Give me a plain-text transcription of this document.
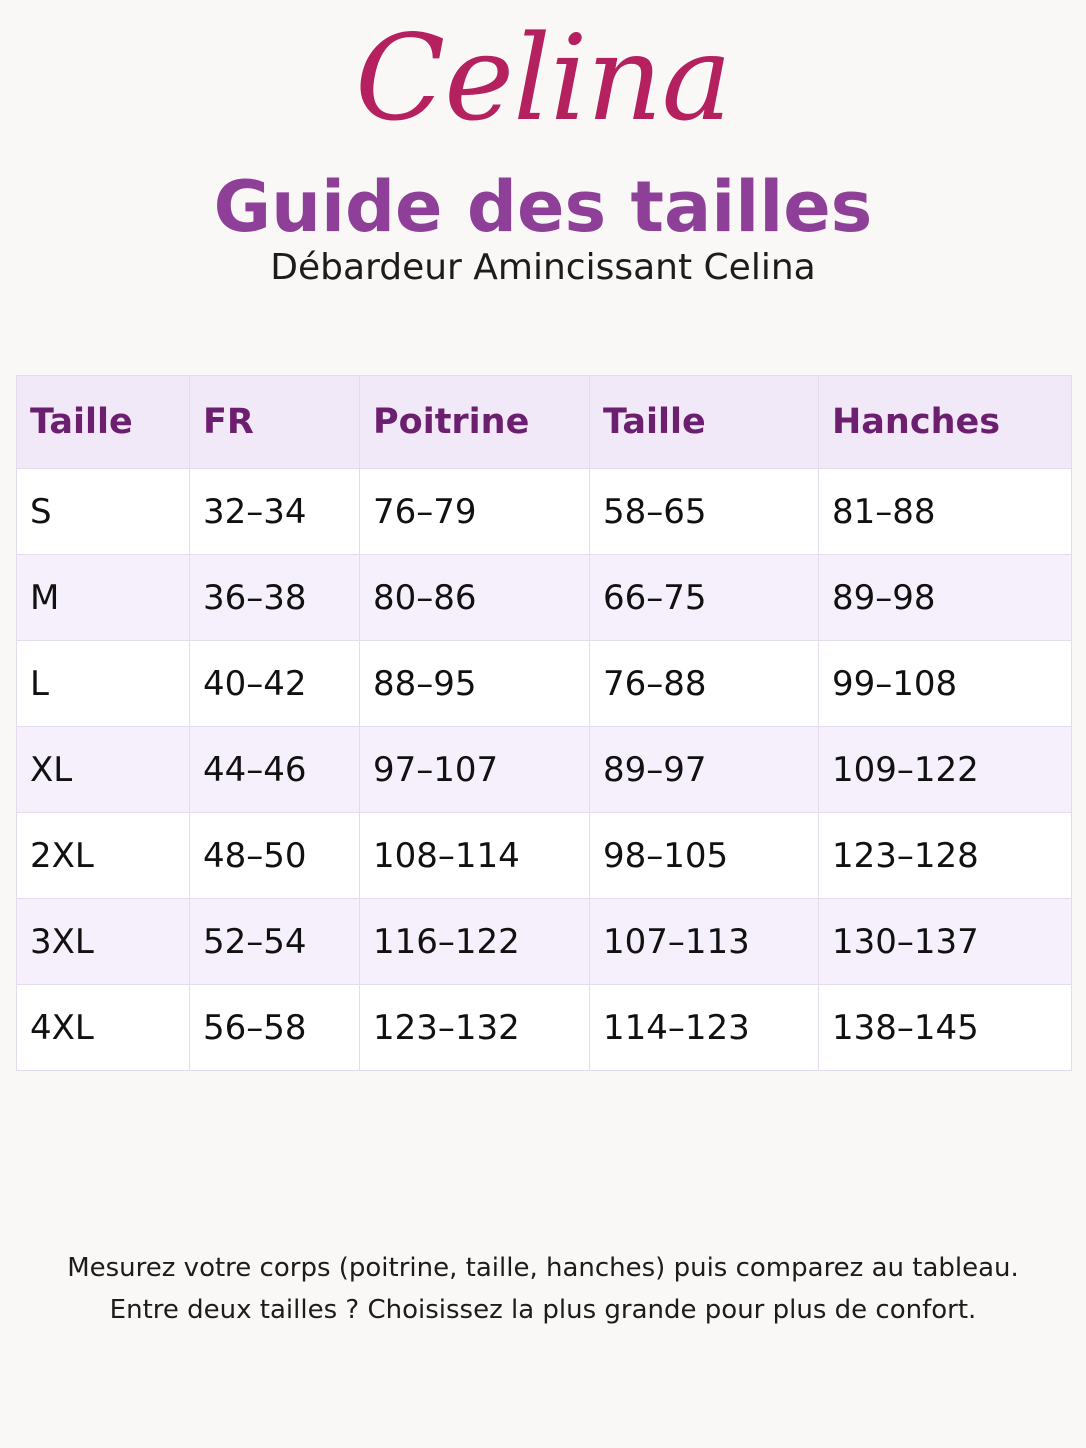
Celina
Guide des tailles
Débardeur Amincissant Celina
Taille	FR	Poitrine	Taille	Hanches
S	32–34	76–79	58–65	81–88
M	36–38	80–86	66–75	89–98
L	40–42	88–95	76–88	99–108
XL	44–46	97–107	89–97	109–122
2XL	48–50	108–114	98–105	123–128
3XL	52–54	116–122	107–113	130–137
4XL	56–58	123–132	114–123	138–145
Mesurez votre corps (poitrine, taille, hanches) puis comparez au tableau.
Entre deux tailles ? Choisissez la plus grande pour plus de confort.
